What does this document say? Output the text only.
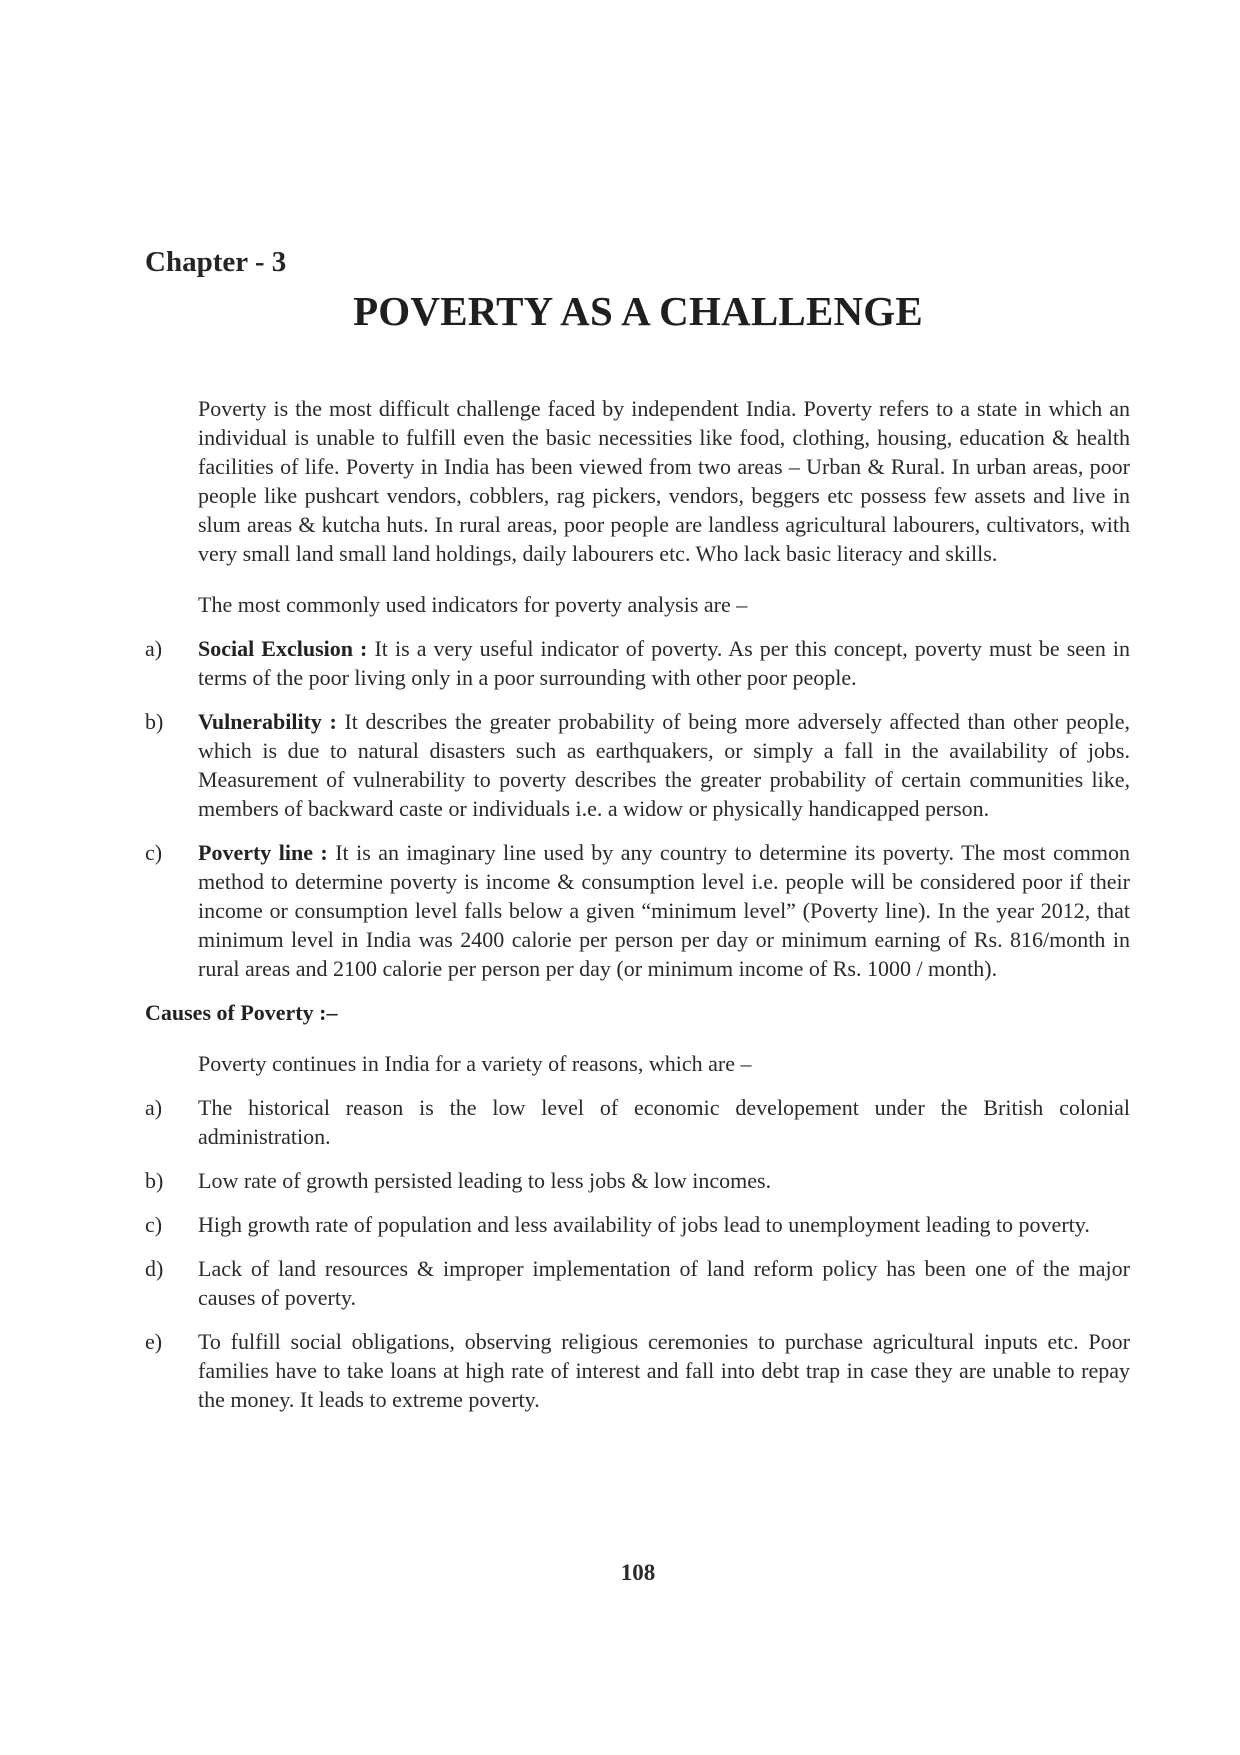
Chapter - 3
POVERTY AS A CHALLENGE

Poverty is the most difficult challenge faced by independent India. Poverty refers to a state in which an individual is unable to fulfill even the basic necessities like food, clothing, housing, education & health facilities of life. Poverty in India has been viewed from two areas – Urban & Rural. In urban areas, poor people like pushcart vendors, cobblers, rag pickers, vendors, beggers etc possess few assets and live in slum areas & kutcha huts. In rural areas, poor people are landless agricultural labourers, cultivators, with very small land small land holdings, daily labourers etc. Who lack basic literacy and skills.

The most commonly used indicators for poverty analysis are –

a)	Social Exclusion : It is a very useful indicator of poverty. As per this concept, poverty must be seen in terms of the poor living only in a poor surrounding with other poor people.
b)	Vulnerability : It describes the greater probability of being more adversely affected than other people, which is due to natural disasters such as earthquakers, or simply a fall in the availability of jobs. Measurement of vulnerability to poverty describes the greater probability of certain communities like, members of backward caste or individuals i.e. a widow or physically handicapped person.
c)	Poverty line : It is an imaginary line used by any country to determine its poverty. The most common method to determine poverty is income & consumption level i.e. people will be considered poor if their income or consumption level falls below a given “minimum level” (Poverty line). In the year 2012, that minimum level in India was 2400 calorie per person per day or minimum earning of Rs. 816/month in rural areas and 2100 calorie per person per day (or minimum income of Rs. 1000 / month).
Causes of Poverty :–

Poverty continues in India for a variety of reasons, which are –

a)	The historical reason is the low level of economic developement under the British colonial administration.
b)	Low rate of growth persisted leading to less jobs & low incomes.
c)	High growth rate of population and less availability of jobs lead to unemployment leading to poverty.
d)	Lack of land resources & improper implementation of land reform policy has been one of the major causes of poverty.
e)	To fulfill social obligations, observing religious ceremonies to purchase agricultural inputs etc. Poor families have to take loans at high rate of interest and fall into debt trap in case they are unable to repay the money. It leads to extreme poverty.
108
